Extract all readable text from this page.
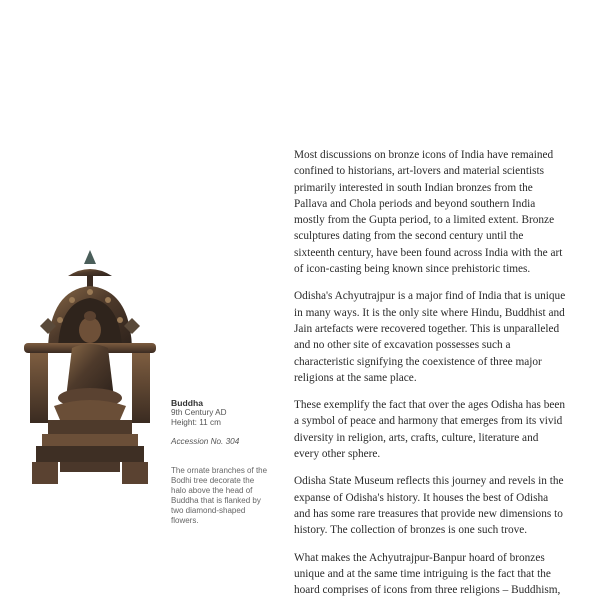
Buddha
9th Century AD
Height: 11 cm
Accession No. 304
The ornate branches of the Bodhi tree decorate the halo above the head of Buddha that is flanked by two diamond-shaped flowers.

Most discussions on bronze icons of India have remained confined to historians, art-lovers and material scientists primarily interested in south Indian bronzes from the Pallava and Chola periods and beyond southern India mostly from the Gupta period, to a limited extent. Bronze sculptures dating from the second century until the sixteenth century, have been found across India with the art of icon-casting being known since prehistoric times.

Odisha's Achyutrajpur is a major find of India that is unique in many ways. It is the only site where Hindu, Buddhist and Jain artefacts were recovered together. This is unparalleled and no other site of excavation possesses such a characteristic signifying the coexistence of three major religions at the same place.

These exemplify the fact that over the ages Odisha has been a symbol of peace and harmony that emerges from its vivid diversity in religion, arts, crafts, culture, literature and every other sphere.

Odisha State Museum reflects this journey and revels in the expanse of Odisha's history. It houses the best of Odisha and has some rare treasures that provide new dimensions to history. The collection of bronzes is one such trove.

What makes the Achyutrajpur-Banpur hoard of bronzes unique and at the same time intriguing is the fact that the hoard comprises of icons from three religions – Buddhism,
